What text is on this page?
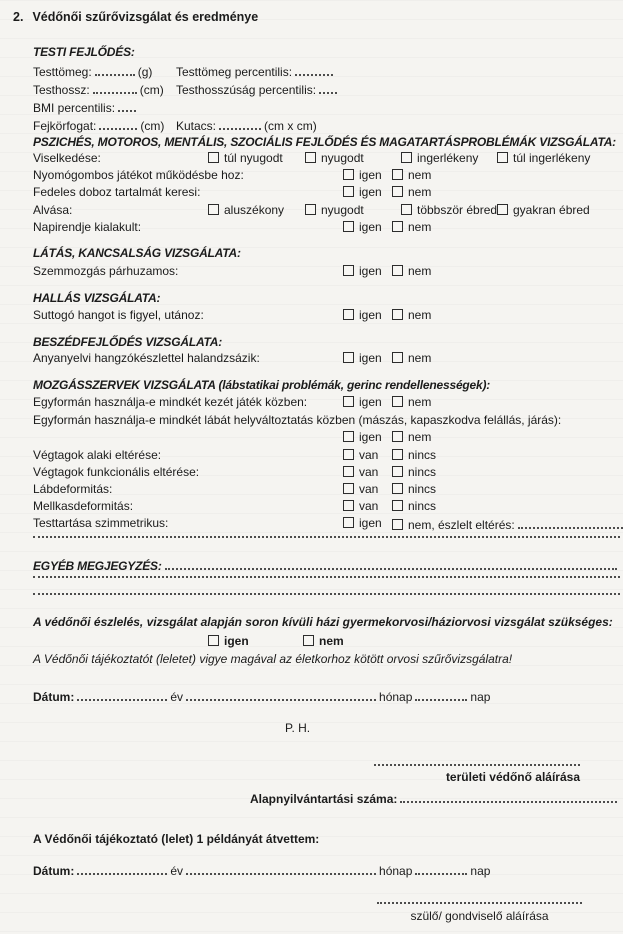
2. Védőnői szűrővizsgálat és eredménye
TESTI FEJLŐDÉS:
Testtömeg:	(g) Testtömeg percentilis:
Testhossz:	(cm) Testhosszúság percentilis:
BMI percentilis:
Fejkörfogat:	(cm) Kutacs:	(cm x cm)
PSZICHÉS, MOTOROS, MENTÁLIS, SZOCIÁLIS FEJLŐDÉS ÉS MAGATARTÁSPROBLÉMÁK VIZSGÁLATA:
Viselkedése:	túl nyugodt	nyugodt	ingerlékeny	túl ingerlékeny
Nyomógombos játékot működésbe hoz:	igen	nem
Fedeles doboz tartalmát keresi:	igen	nem
Alvása:	aluszékony	nyugodt	többször ébred	gyakran ébred
Napirendje kialakult:	igen	nem
LÁTÁS, KANCSALSÁG VIZSGÁLATA:
Szemmozgás párhuzamos:	igen	nem
HALLÁS VIZSGÁLATA:
Suttogó hangot is figyel, utánoz:	igen	nem
BESZÉDFEJLŐDÉS VIZSGÁLATA:
Anyanyelvi hangzókészlettel halandzsázik:	igen	nem
MOZGÁSSZERVEK VIZSGÁLATA (lábstatikai problémák, gerinc rendellenességek):
Egyformán használja-e mindkét kezét játék közben:	igen	nem
Egyformán használja-e mindkét lábát helyváltoztatás közben (mászás, kapaszkodva felállás, járás):
igen	nem
Végtagok alaki eltérése:	van	nincs
Végtagok funkcionális eltérése:	van	nincs
Lábdeformitás:	van	nincs
Mellkasdeformitás:	van	nincs
Testtartása szimmetrikus:	igen	nem, észlelt eltérés:
EGYÉB MEGJEGYZÉS:
A védőnői észlelés, vizsgálat alapján soron kívüli házi gyermekorvosi/háziorvosi vizsgálat szükséges:
igen	nem
A Védőnői tájékoztatót (leletet) vigye magával az életkorhoz kötött orvosi szűrővizsgálatra!
Dátum:	év	hónap	nap
P. H.
területi védőnő aláírása
Alapnyilvántartási száma:
A Védőnői tájékoztató (lelet) 1 példányát átvettem:
Dátum:	év	hónap	nap
szülő/ gondviselő aláírása
